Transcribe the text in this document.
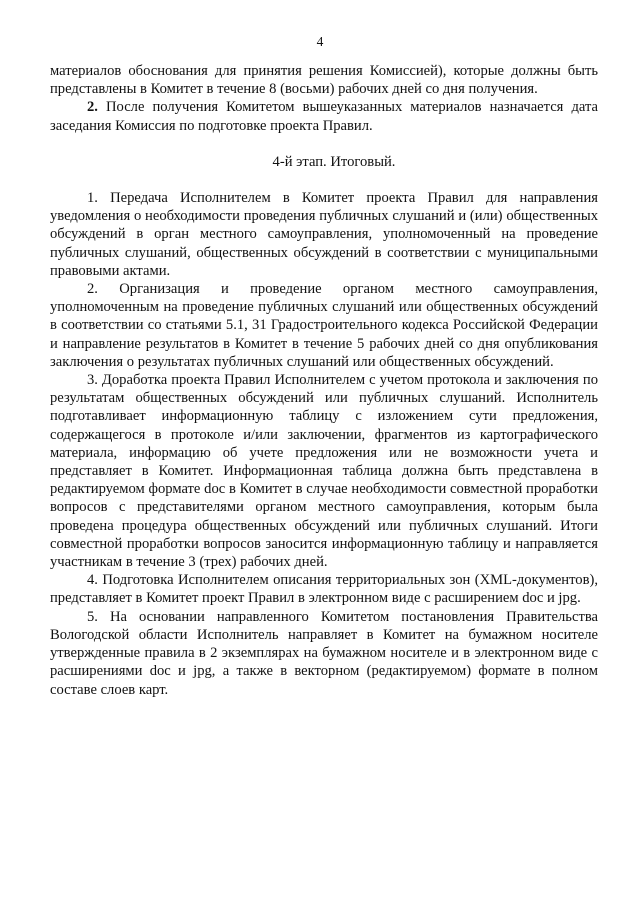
4

материалов обоснования для принятия решения Комиссией), которые должны быть представлены в Комитет в течение 8 (восьми) рабочих дней со дня получения.

2. После получения Комитетом вышеуказанных материалов назначается дата заседания Комиссия по подготовке проекта Правил.

4-й этап. Итоговый.

1. Передача Исполнителем в Комитет проекта Правил для направления уведомления о необходимости проведения публичных слушаний и (или) общественных обсуждений в орган местного самоуправления, уполномоченный на проведение публичных слушаний, общественных обсуждений в соответствии с муниципальными правовыми актами.

2. Организация и проведение органом местного самоуправления, уполномоченным на проведение публичных слушаний или общественных обсуждений в соответствии со статьями 5.1, 31 Градостроительного кодекса Российской Федерации и направление результатов в Комитет в течение 5 рабочих дней со дня опубликования заключения о результатах публичных слушаний или общественных обсуждений.

3. Доработка проекта Правил Исполнителем с учетом протокола и заключения по результатам общественных обсуждений или публичных слушаний. Исполнитель подготавливает информационную таблицу с изложением сути предложения, содержащегося в протоколе и/или заключении, фрагментов из картографического материала, информацию об учете предложения или не возможности учета и представляет в Комитет. Информационная таблица должна быть представлена в редактируемом формате doc в Комитет в случае необходимости совместной проработки вопросов с представителями органом местного самоуправления, которым была проведена процедура общественных обсуждений или публичных слушаний. Итоги совместной проработки вопросов заносится информационную таблицу и направляется участникам в течение 3 (трех) рабочих дней.

4. Подготовка Исполнителем описания территориальных зон (XML-документов), представляет в Комитет проект Правил в электронном виде с расширением doc и jpg.

5. На основании направленного Комитетом постановления Правительства Вологодской области Исполнитель направляет в Комитет на бумажном носителе утвержденные правила в 2 экземплярах на бумажном носителе и в электронном виде с расширениями doc и jpg, а также в векторном (редактируемом) формате в полном составе слоев карт.
